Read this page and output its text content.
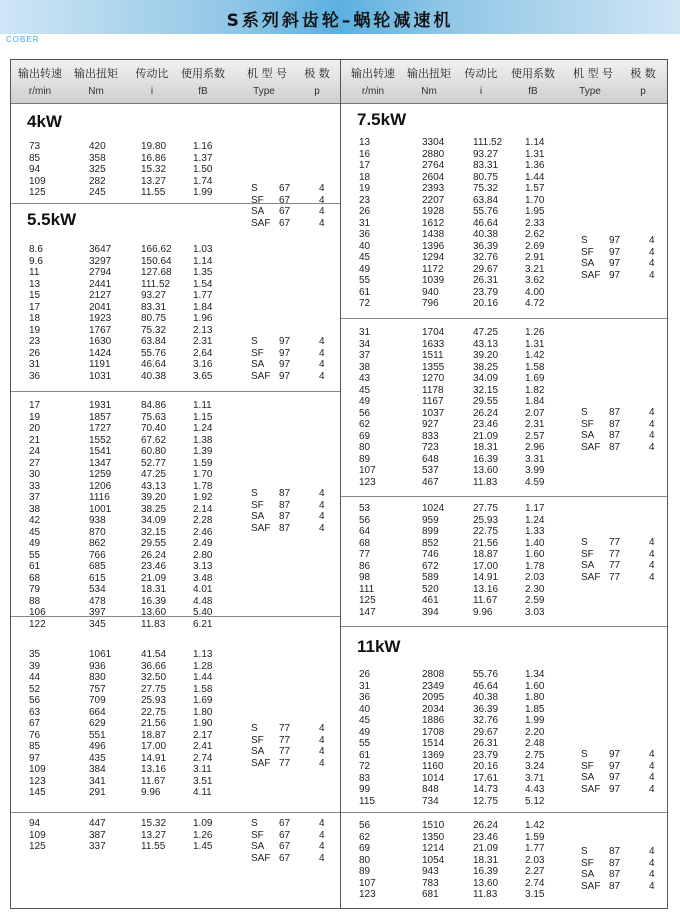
S系列斜齿轮–蜗轮减速机
COBER
输出转速
r/min
输出扭矩
Nm
传动比
i
使用系数
fB
机 型 号
Type
极 数
p
4kW
73	420	19.80	1.16
85	358	16.86	1.37
94	325	15.32	1.50
109	282	13.27	1.74
125	245	11.55	1.99	S 67	4
SF 67	4
SA 67	4
SAF 67	4
5.5kW
8.6	3647	166.62 1.03
9.6	3297	150.64 1.14
11	2794	127.68 1.35
13	2441	111.52 1.54
15	2127	93.27	1.77
17	2041	83.31	1.84
18	1923	80.75	1.96
19	1767	75.32	2.13
23	1630	63.84	2.31
26	1424	55.76	2.64
31	1191	46.64	3.16
36	1031	40.38	3.65
S 97	4
SF 97	4
SA 97	4
SAF 97	4
17	1931	84.86	1.11
19	1857	75.63	1.15
20	1727	70.40	1.24
21	1552	67.62	1.38
24	1541	60.80	1.39
27	1347	52.77	1.59
30	1259	47.25	1.70
33	1206	43.13	1.78
37	1116	39.20	1.92
38	1001	38.25	2.14
42	938	34.09	2.28
45	870	32.15	2.46
49	862	29.55	2.49
55	766	26.24	2.80
61	685	23.46	3.13
68	615	21.09	3.48
79	534	18.31	4.01
88	478	16.39	4.48
106	397	13.60	5.40
122	345	11.83	6.21
S 87	4
SF 87	4
SA 87	4
SAF 87	4
35	1061	41.54	1.13
39	936	36.66	1.28
44	830	32.50	1.44
52	757	27.75	1.58
56	709	25.93	1.69
63	664	22.75	1.80
67	629	21.56	1.90
76	551	18.87	2.17
85	496	17.00	2.41
97	435	14.91	2.74
109	384	13.16	3.11
123	341	11.67	3.51
145	291	9.96	4.11
S 77	4
SF 77	4
SA 77	4
SAF 77	4
94	447	15.32	1.09
109	387	13.27	1.26
125	337	11.55	1.45
S 67	4
SF 67	4
SA 67	4
SAF 67	4
输出转速
r/min
输出扭矩
Nm
传动比
i
使用系数
fB
机 型 号
Type
极 数
p
7.5kW
13	3304	111.52 1.14
16	2880	93.27	1.31
17	2764	83.31	1.36
18	2604	80.75	1.44
19	2393	75.32	1.57
23	2207	63.84	1.70
26	1928	55.76	1.95
31	1612	46.64	2.33
36	1438	40.38	2.62
40	1396	36.39	2.69
45	1294	32.76	2.91
49	1172	29.67	3.21
55	1039	26.31	3.62
61	940	23.79	4.00
72	796	20.16	4.72
S 97	4
SF 97	4
SA 97	4
SAF 97	4
31	1704	47.25	1.26
34	1633	43.13	1.31
37	1511	39.20	1.42
38	1355	38.25	1.58
43	1270	34.09	1.69
45	1178	32.15	1.82
49	1167	29.55	1.84
56	1037	26.24	2.07
62	927	23.46	2.31
69	833	21.09	2.57
80	723	18.31	2.96
89	648	16.39	3.31
107	537	13.60	3.99
123	467	11.83	4.59
S 87	4
SF 87	4
SA 87	4
SAF 87	4
53	1024	27.75	1.17
56	959	25.93	1.24
64	899	22.75	1.33
68	852	21.56	1.40
77	746	18.87	1.60
86	672	17.00	1.78
98	589	14.91	2.03
111	520	13.16	2.30
125	461	11.67	2.59
147	394	9.96	3.03
S 77	4
SF 77	4
SA 77	4
SAF 77	4
11kW
26	2808	55.76	1.34
31	2349	46.64	1.60
36	2095	40.38	1.80
40	2034	36.39	1.85
45	1886	32.76	1.99
49	1708	29.67	2.20
55	1514	26.31	2.48
61	1369	23.79	2.75
72	1160	20.16	3.24
83	1014	17.61	3.71
99	848	14.73	4.43
115	734	12.75	5.12
S 97	4
SF 97	4
SA 97	4
SAF 97	4
56	1510	26.24	1.42
62	1350	23.46	1.59
69	1214	21.09	1.77
80	1054	18.31	2.03
89	943	16.39	2.27
107	783	13.60	2.74
123	681	11.83	3.15
S 87	4
SF 87	4
SA 87	4
SAF 87	4
